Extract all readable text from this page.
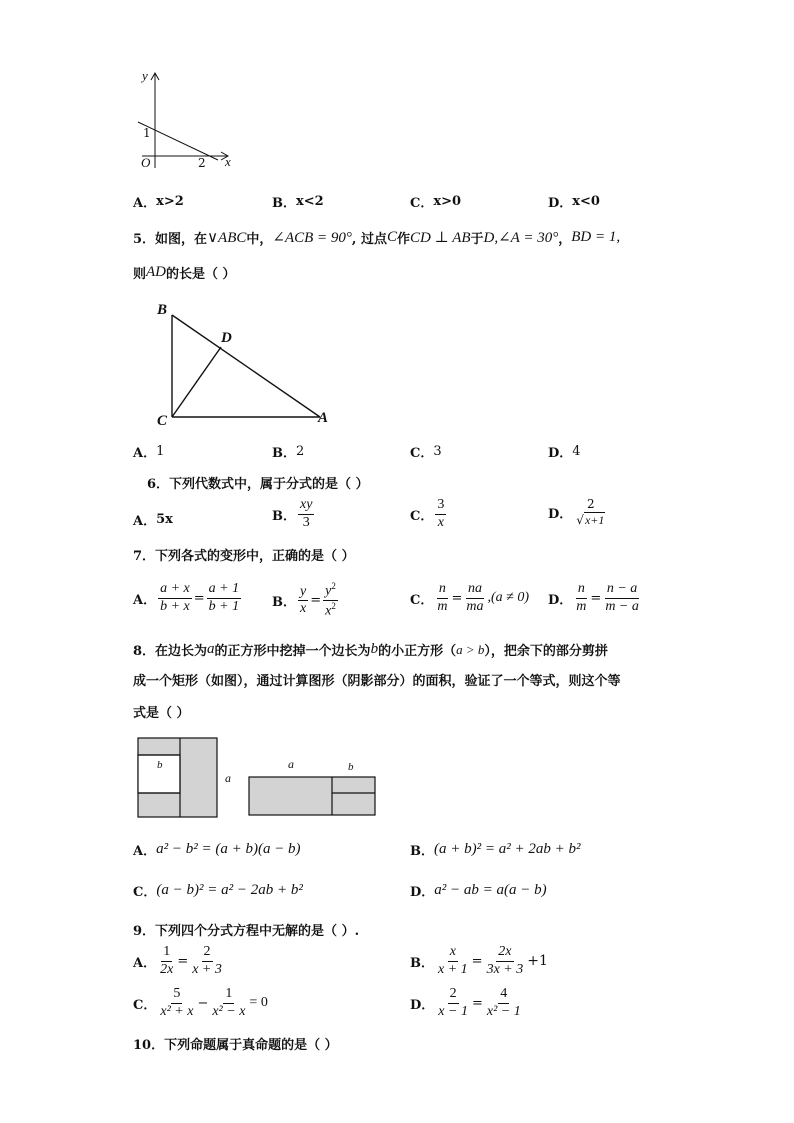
y
x
O
1
2
A． x>2	B． x<2	C． x>0	D． x<0
5． 如图，在 ∨ABC 中， ∠ACB = 90° , 过点 C 作 CD ⊥ AB 于 D,∠A = 30° ， BD = 1,
则 AD 的长是（ ）
B
D
C	A
A． 1	B． 2	C． 3	D． 4
6．下列代数式中，属于分式的是（ ）
A． 5x	B． $\frac{xy}{3}$	C． $\frac{3}{x}$	D． $\frac{2}{√x+1}$
7．下列各式的变形中，正确的是（ ）
A． $\frac{a + x}{b + x} = \frac{a + 1}{b + 1}$ B． $\frac{y}{x} = \frac{y^2}{x^2}$	C． $\frac{n}{m} = \frac{na}{ma} ,(a \ne 0)$ D． $\frac{n}{m} = \frac{n - a}{m - a}$
8．在边长为 a 的正方形中挖掉一个边长为 b 的小正方形（ a > b ），把余下的部分剪拼
成一个矩形（如图），通过计算图形（阴影部分）的面积，验证了一个等式，则这个等
式是（ ）
b
a
a	b
A． a² − b² = (a + b)(a − b)	B． (a + b)² = a² + 2ab + b²
C． (a − b)² = a² − 2ab + b²	D． a² − ab = a(a − b)
9．下列四个分式方程中无解的是（ ）.
A． $\frac{1}{2x} = \frac{2}{x + 3}$	B． $\frac{x}{x + 1} = \frac{2x}{3x + 3} +1$
C． $\frac{5}{\text{x² + x}} - \frac{1}{\text{x² − x}} = 0$	D． $\frac{2}{x - 1} = \frac{4}{\text{x² − 1}}$
10．下列命题属于真命题的是（ ）
